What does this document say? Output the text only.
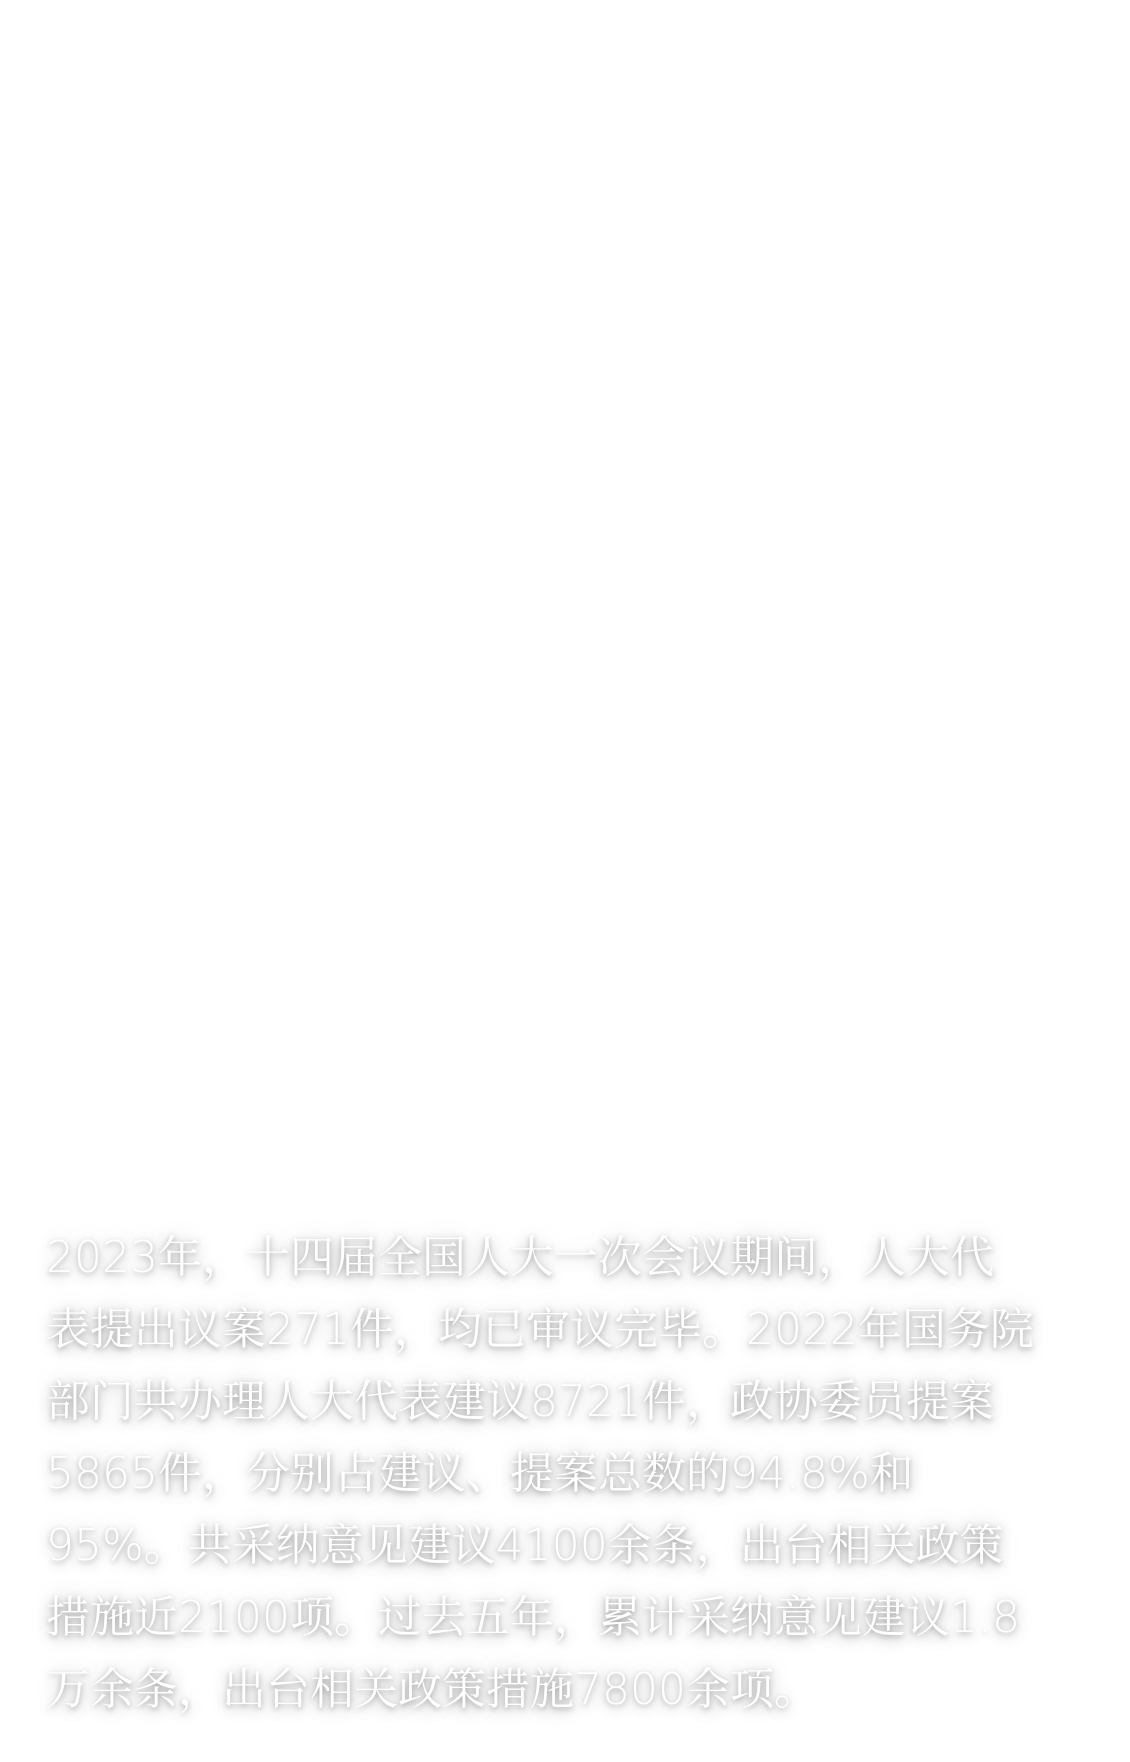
2023年，十四届全国人大一次会议期间，人大代
表提出议案271件，均已审议完毕。2022年国务院
部门共办理人大代表建议8721件，政协委员提案
5865件，分别占建议、提案总数的94.8%和
95%。共采纳意见建议4100余条，出台相关政策
措施近2100项。过去五年，累计采纳意见建议1.8
万余条，出台相关政策措施7800余项。
